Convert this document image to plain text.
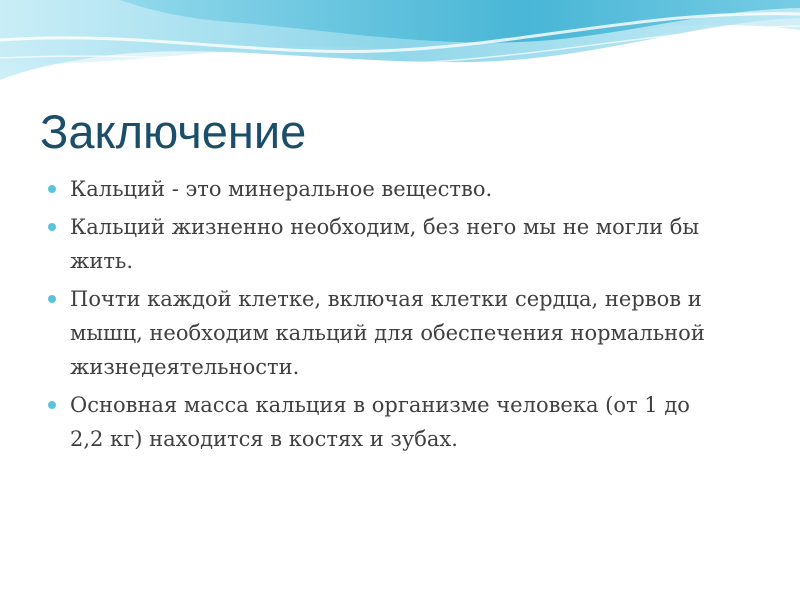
Заключение
Кальций - это минеральное вещество.
Кальций жизненно необходим, без него мы не могли бы жить.
Почти каждой клетке, включая клетки сердца, нервов и мышц, необходим кальций для обеспечения нормальной жизнедеятельности.
Основная масса кальция в организме человека (от 1 до 2,2 кг) находится в костях и зубах.
